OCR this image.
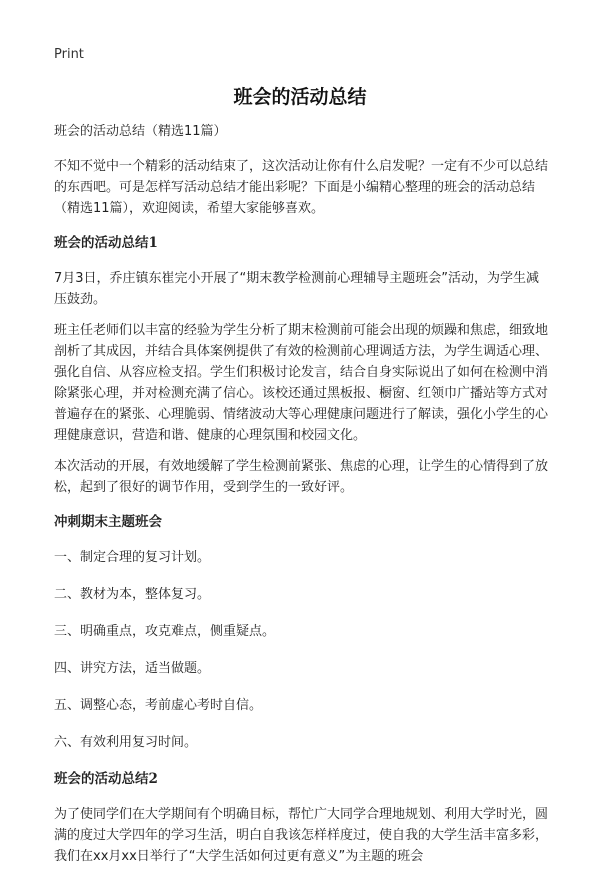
Print
班会的活动总结

班会的活动总结（精选11篇）

不知不觉中一个精彩的活动结束了，这次活动让你有什么启发呢？一定有不少可以总结的东西吧。可是怎样写活动总结才能出彩呢？下面是小编精心整理的班会的活动总结（精选11篇），欢迎阅读，希望大家能够喜欢。

班会的活动总结1

7月3日，乔庄镇东崔完小开展了“期末教学检测前心理辅导主题班会”活动，为学生减压鼓劲。

班主任老师们以丰富的经验为学生分析了期末检测前可能会出现的烦躁和焦虑，细致地剖析了其成因，并结合具体案例提供了有效的检测前心理调适方法，为学生调适心理、强化自信、从容应检支招。学生们积极讨论发言，结合自身实际说出了如何在检测中消除紧张心理，并对检测充满了信心。该校还通过黑板报、橱窗、红领巾广播站等方式对普遍存在的紧张、心理脆弱、情绪波动大等心理健康问题进行了解读，强化小学生的心理健康意识，营造和谐、健康的心理氛围和校园文化。

本次活动的开展，有效地缓解了学生检测前紧张、焦虑的心理，让学生的心情得到了放松，起到了很好的调节作用，受到学生的一致好评。

冲刺期末主题班会

一、制定合理的复习计划。

二、教材为本，整体复习。

三、明确重点，攻克难点，侧重疑点。

四、讲究方法，适当做题。

五、调整心态，考前虚心考时自信。

六、有效利用复习时间。

班会的活动总结2

为了使同学们在大学期间有个明确目标，帮忙广大同学合理地规划、利用大学时光，圆满的度过大学四年的学习生活，明白自我该怎样样度过，使自我的大学生活丰富多彩，我们在xx月xx日举行了“大学生活如何过更有意义”为主题的班会
